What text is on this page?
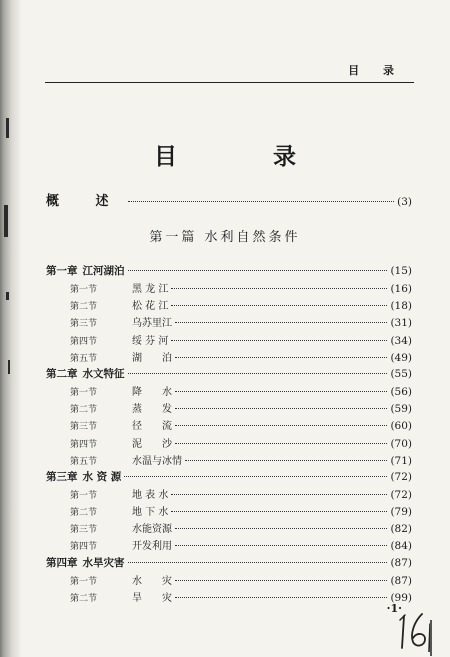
目 录
目 录
概 述	(3)
第一章 江河湖泊	(15)
第一节	黑 龙 江	(16)
第二节	松 花 江	(18)
第三节	乌苏里江	(31)
第四节	绥 芬 河	(34)
第五节	湖　　泊	(49)
第二章 水文特征	(55)
第一节	降　　水	(56)
第二节	蒸　　发	(59)
第三节	径　　流	(60)
第四节	泥　　沙	(70)
第五节	水温与冰情	(71)
第三章 水 资 源	(72)
第一节	地 表 水	(72)
第二节	地 下 水	(79)
第三节	水能资源	(82)
第四节	开发利用	(84)
第四章 水旱灾害	(87)
第一节	水　　灾	(87)
第二节	旱　　灾	(99)
第一篇 水利自然条件
·1·
